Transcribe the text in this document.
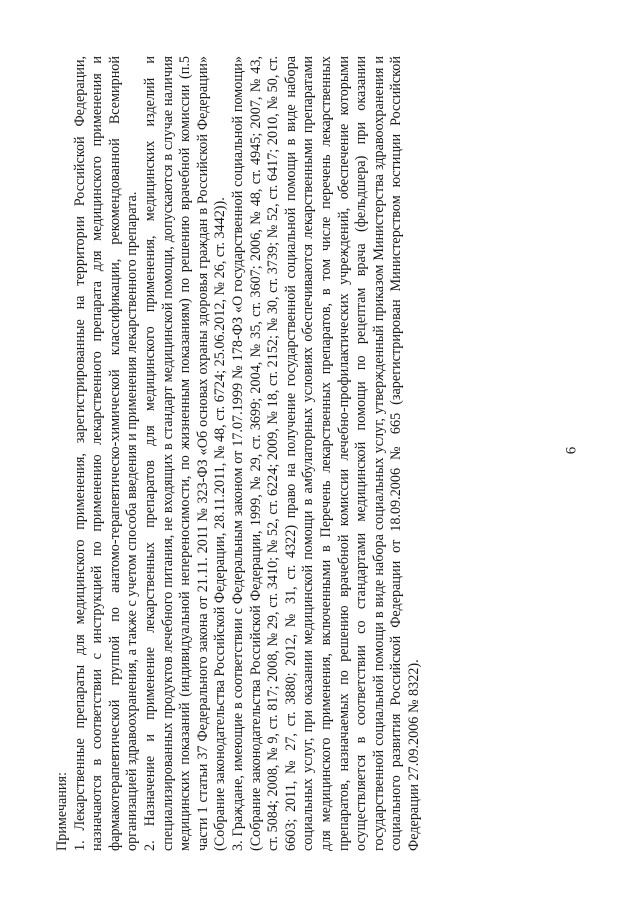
6

Примечания: 1. Лекарственные препараты для медицинского применения, зарегистрированные на территории Российской Федерации, назначаются в соответствии с инструкцией по применению лекарственного препарата для медицинского применения и фармакотерапевтической группой по анатомо-терапевтическо-химической классификации, рекомендованной Всемирной организацией здравоохранения, а также с учетом способа введения и применения лекарственного препарата. 2. Назначение и применение лекарственных препаратов для медицинского применения, медицинских изделий и специализированных продуктов лечебного питания, не входящих в стандарт медицинской помощи, допускаются в случае наличия медицинских показаний (индивидуальной непереносимости, по жизненным показаниям) по решению врачебной комиссии (п.5 части 1 статьи 37 Федерального закона от 21.11. 2011 № 323-ФЗ «Об основах охраны здоровья граждан в Российской Федерации» (Собрание законодательства Российской Федерации, 28.11.2011, № 48, ст. 6724; 25.06.2012, № 26, ст. 3442)). 3. Граждане, имеющие в соответствии с Федеральным законом от 17.07.1999 № 178-ФЗ «О государственной социальной помощи» (Собрание законодательства Российской Федерации, 1999, № 29, ст. 3699; 2004, № 35, ст. 3607; 2006, № 48, ст. 4945; 2007, № 43, ст. 5084; 2008, № 9, ст. 817; 2008, № 29, ст. 3410; № 52, ст. 6224; 2009, № 18, ст. 2152; № 30, ст. 3739; № 52, ст. 6417; 2010, № 50, ст. 6603; 2011, № 27, ст. 3880; 2012, № 31, ст. 4322) право на получение государственной социальной помощи в виде набора социальных услуг, при оказании медицинской помощи в амбулаторных условиях обеспечиваются лекарственными препаратами для медицинского применения, включенными в Перечень лекарственных препаратов, в том числе перечень лекарственных препаратов, назначаемых по решению врачебной комиссии лечебно-профилактических учреждений, обеспечение которыми осуществляется в соответствии со стандартами медицинской помощи по рецептам врача (фельдшера) при оказании государственной социальной помощи в виде набора социальных услуг, утвержденный приказом Министерства здравоохранения и социального развития Российской Федерации от 18.09.2006 № 665 (зарегистрирован Министерством юстиции Российской Федерации 27.09.2006 № 8322).
